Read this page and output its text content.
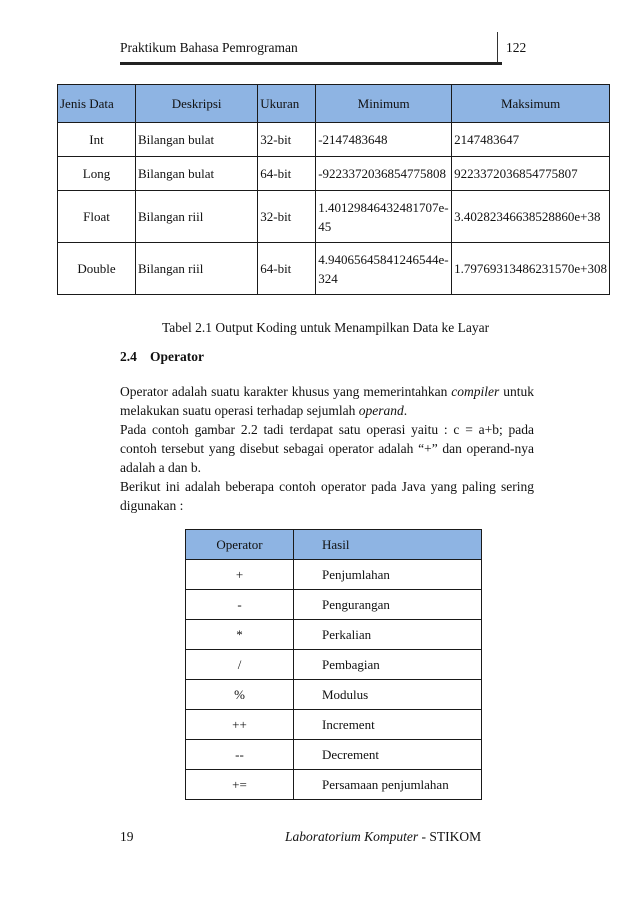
Praktikum Bahasa Pemrograman	122
Jenis Data	Deskripsi	Ukuran	Minimum	Maksimum
Int	Bilangan bulat	32-bit	-2147483648	2147483647
Long	Bilangan bulat	64-bit	-9223372036854775808	9223372036854775807
Float	Bilangan riil	32-bit	1.40129846432481707e-45	3.40282346638528860e+38
Double	Bilangan riil	64-bit	4.94065645841246544e-324	1.79769313486231570e+308
Tabel 2.1 Output Koding untuk Menampilkan Data ke Layar
2.4 Operator

Operator adalah suatu karakter khusus yang memerintahkan compiler untuk melakukan suatu operasi terhadap sejumlah operand.

Pada contoh gambar 2.2 tadi terdapat satu operasi yaitu : c = a+b; pada contoh tersebut yang disebut sebagai operator adalah “+” dan operand-nya adalah a dan b.

Berikut ini adalah beberapa contoh operator pada Java yang paling sering digunakan :

Operator	Hasil
+	Penjumlahan
-	Pengurangan
*	Perkalian
/	Pembagian
%	Modulus
++	Increment
--	Decrement
+=	Persamaan penjumlahan
19	Laboratorium Komputer - STIKOM
